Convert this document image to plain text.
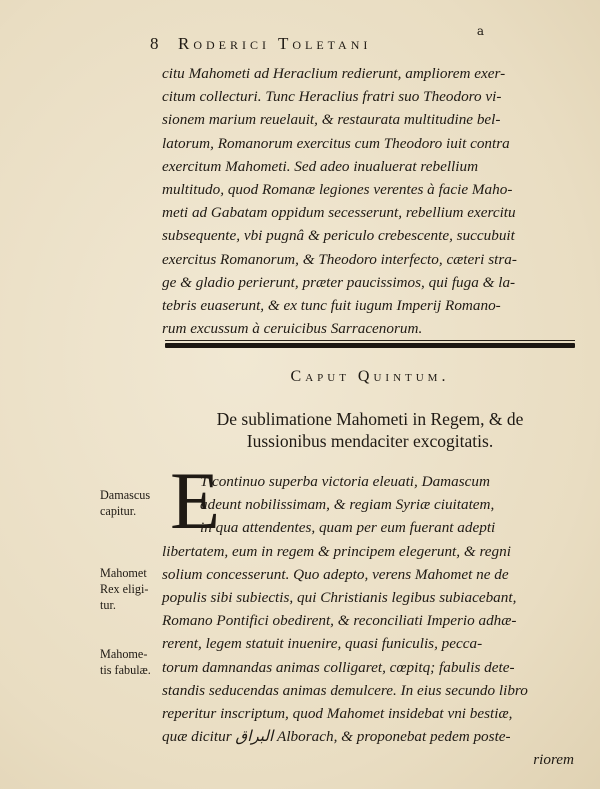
8 Roderici Toletani
a
citu Mahometi ad Heraclium redierunt, ampliorem exer-
citum collecturi. Tunc Heraclius fratri suo Theodoro vi-
sionem marium reuelauit, & restaurata multitudine bel-
latorum, Romanorum exercitus cum Theodoro iuit contra
exercitum Mahometi. Sed adeo inualuerat rebellium
multitudo, quod Romanæ legiones verentes à facie Maho-
meti ad Gabatam oppidum secesserunt, rebellium exercitu
subsequente, vbi pugnâ & periculo crebescente, succubuit
exercitus Romanorum, & Theodoro interfecto, cæteri stra-
ge & gladio perierunt, præter paucissimos, qui fuga & la-
tebris euaserunt, & ex tunc fuit iugum Imperij Romano-
rum excussum à ceruicibus Sarracenorum.
Caput Quintum.
De sublimatione Mahometi in Regem, & de
Iussionibus mendaciter excogitatis.
E
T continuo superba victoria eleuati, Damascum
adeunt nobilissimam, & regiam Syriæ ciuitatem,
in qua attendentes, quam per eum fuerant adepti
libertatem, eum in regem & principem elegerunt, & regni
solium concesserunt. Quo adepto, verens Mahomet ne de
populis sibi subiectis, qui Christianis legibus subiacebant,
Romano Pontifici obedirent, & reconciliati Imperio adhæ-
rerent, legem statuit inuenire, quasi funiculis, pecca-
torum damnandas animas colligaret, cœpitq; fabulis dete-
standis seducendas animas demulcere. In eius secundo libro
reperitur inscriptum, quod Mahomet insidebat vni bestiæ,
quæ dicitur البراق Alborach, & proponebat pedem poste-
riorem
Damascus
capitur.
Mahomet
Rex eligi-
tur.
Mahome-
tis fabulæ.
